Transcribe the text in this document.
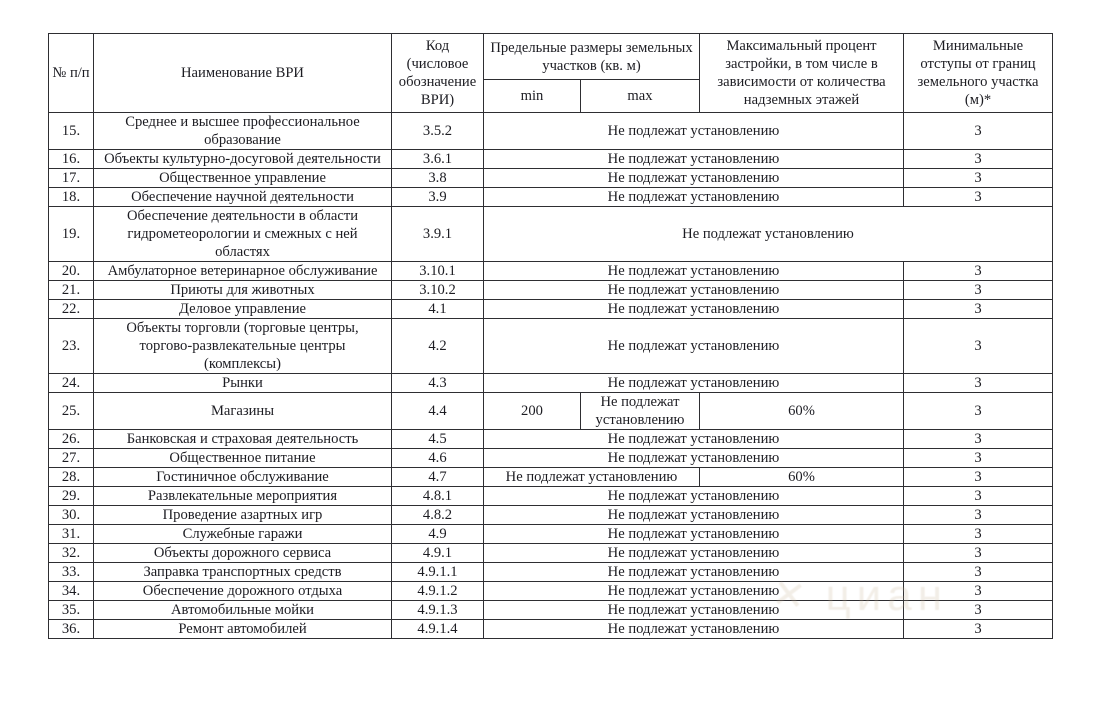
№ п/п	Наименование ВРИ	Код (числовое обозначение ВРИ)	Предельные размеры земельных участков (кв. м)		Максимальный процент застройки, в том числе в зависимости от количества надземных этажей	Минимальные отступы от границ земельного участка (м)*
			min	max		
15.	Среднее и высшее профессиональное образование	3.5.2	Не подлежат установлению			3
16.	Объекты культурно-досуговой деятельности	3.6.1	Не подлежат установлению			3
17.	Общественное управление	3.8	Не подлежат установлению			3
18.	Обеспечение научной деятельности	3.9	Не подлежат установлению			3
19.	Обеспечение деятельности в области гидрометеорологии и смежных с ней областях	3.9.1	Не подлежат установлению			
20.	Амбулаторное ветеринарное обслуживание	3.10.1	Не подлежат установлению			3
21.	Приюты для животных	3.10.2	Не подлежат установлению			3
22.	Деловое управление	4.1	Не подлежат установлению			3
23.	Объекты торговли (торговые центры, торгово-развлекательные центры (комплексы)	4.2	Не подлежат установлению			3
24.	Рынки	4.3	Не подлежат установлению			3
25.	Магазины	4.4	200	Не подлежат установлению	60%	3
26.	Банковская и страховая деятельность	4.5	Не подлежат установлению			3
27.	Общественное питание	4.6	Не подлежат установлению			3
28.	Гостиничное обслуживание	4.7	Не подлежат установлению		60%	3
29.	Развлекательные мероприятия	4.8.1	Не подлежат установлению			3
30.	Проведение азартных игр	4.8.2	Не подлежат установлению			3
31.	Служебные гаражи	4.9	Не подлежат установлению			3
32.	Объекты дорожного сервиса	4.9.1	Не подлежат установлению			3
33.	Заправка транспортных средств	4.9.1.1	Не подлежат установлению			3
34.	Обеспечение дорожного отдыха	4.9.1.2	Не подлежат установлению			3
35.	Автомобильные мойки	4.9.1.3	Не подлежат установлению			3
36.	Ремонт автомобилей	4.9.1.4	Не подлежат установлению			3
✕ циан
